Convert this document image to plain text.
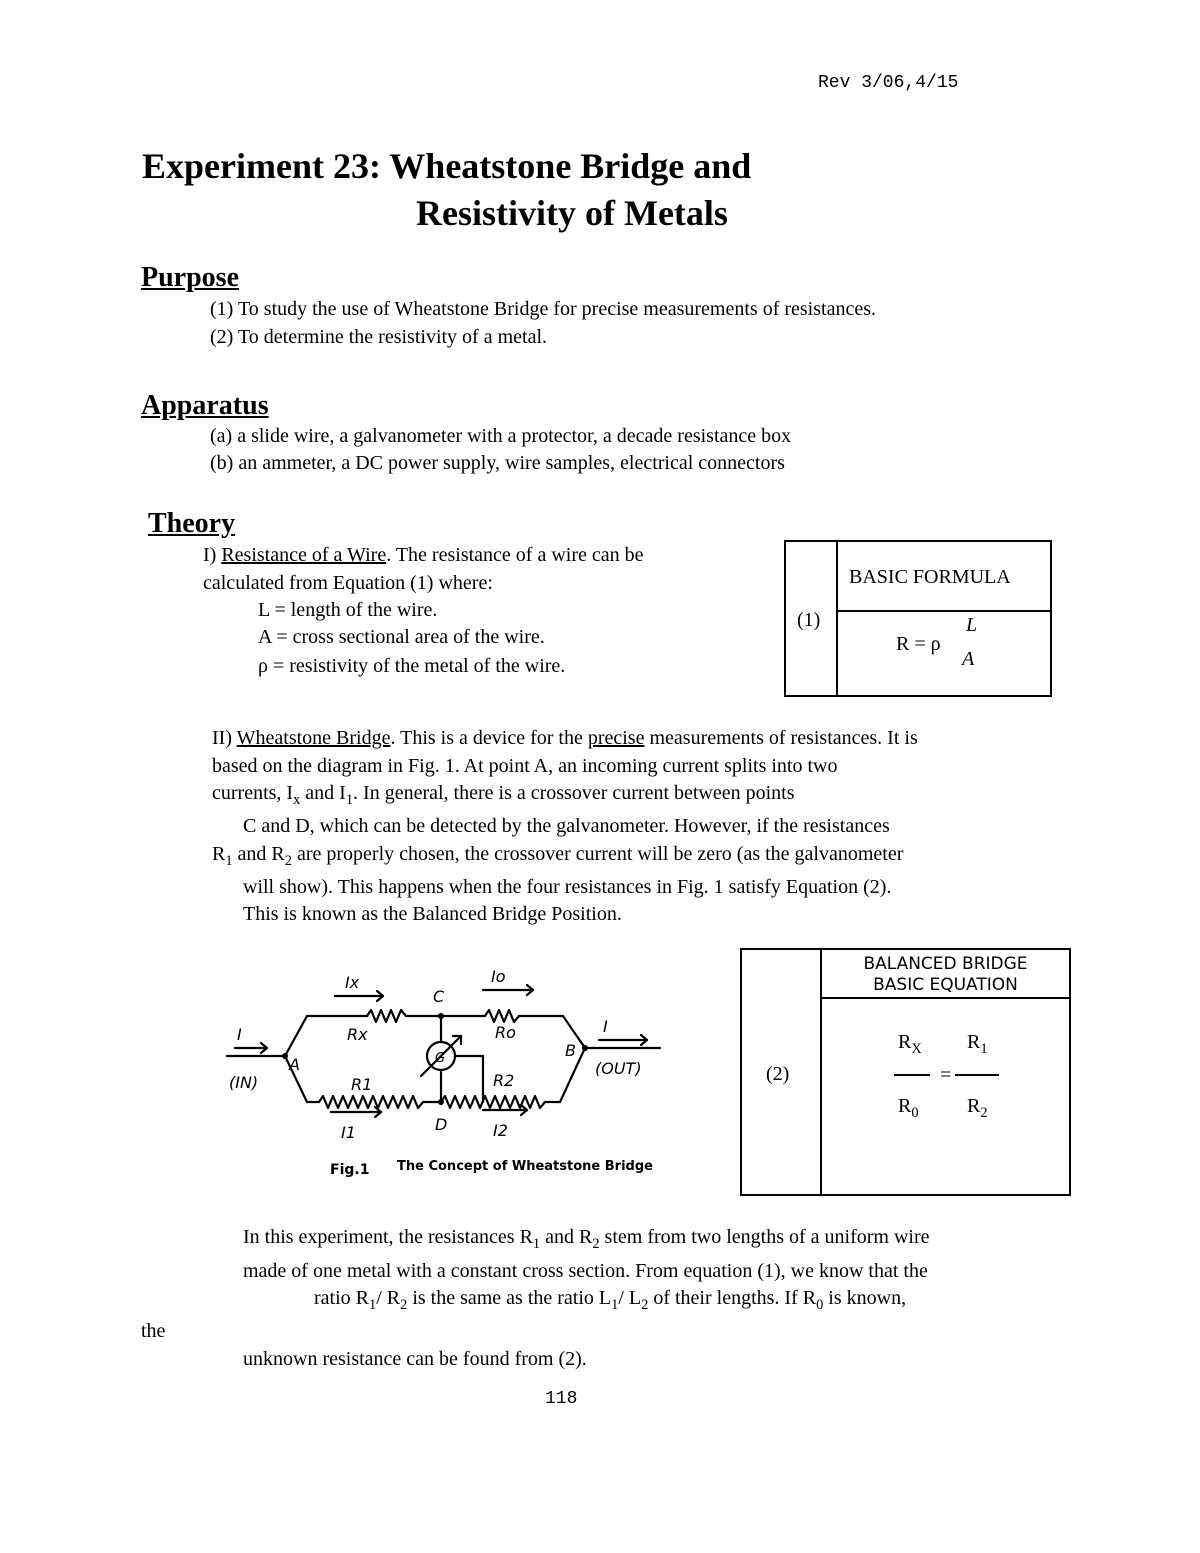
Rev 3/06,4/15
Experiment 23: Wheatstone Bridge and
Resistivity of Metals
Purpose
(1) To study the use of Wheatstone Bridge for precise measurements of resistances.
(2) To determine the resistivity of a metal.
Apparatus
(a) a slide wire, a galvanometer with a protector, a decade resistance box
(b) an ammeter, a DC power supply, wire samples, electrical connectors
Theory
I) Resistance of a Wire. The resistance of a wire can be
calculated from Equation (1) where:
L = length of the wire.
A = cross sectional area of the wire.
ρ = resistivity of the metal of the wire.
(1)
BASIC FORMULA
R = ρ
L
A
II) Wheatstone Bridge. This is a device for the precise measurements of resistances. It is
based on the diagram in Fig. 1. At point A, an incoming current splits into two
currents, $I_x$ and $I_1$. In general, there is a crossover current between points
C and D, which can be detected by the galvanometer. However, if the resistances
$R_1$ and $R_2$ are properly chosen, the crossover current will be zero (as the galvanometer
will show). This happens when the four resistances in Fig. 1 satisfy Equation (2).
This is known as the Balanced Bridge Position.
Ix	Io
C
Rx	Ro
I
(IN)
A	G	B
I
(OUT)
R1	R2
D
I1	I2
Fig.1 The Concept of Wheatstone Bridge
(2)
BALANCED BRIDGE
BASIC EQUATION
$R_X$ $R_1$
=
$R_0$ $R_2$
In this experiment, the resistances $R_1$ and $R_2$ stem from two lengths of a uniform wire
made of one metal with a constant cross section. From equation (1), we know that the
ratio $R_1/$ $R_2$ is the same as the ratio $L_1/$ $L_2$ of their lengths. If $R_0$ is known,
the
unknown resistance can be found from (2).
118
